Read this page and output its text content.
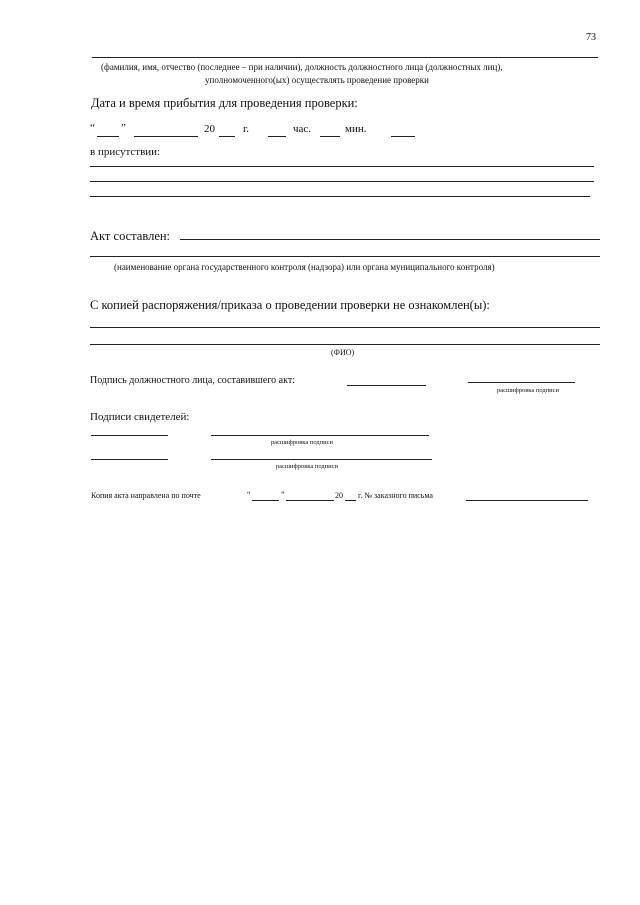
73
(фамилия, имя, отчество (последнее – при наличии), должность должностного лица (должностных лиц),
уполномоченного(ых) осуществлять проведение проверки
Дата и время прибытия для проведения проверки:
“ ”	20	г.	час.	мин.
в присутствии:
Акт составлен:
(наименование органа государственного контроля (надзора) или органа муниципального контроля)
С копией распоряжения/приказа о проведении проверки не ознакомлен(ы):
(ФИО)
Подпись должностного лица, составившего акт:
расшифровка подписи
Подписи свидетелей:
расшифровка подписи
расшифровка подписи
Копия акта направлена по почте	“	”	20 г. № заказного письма
